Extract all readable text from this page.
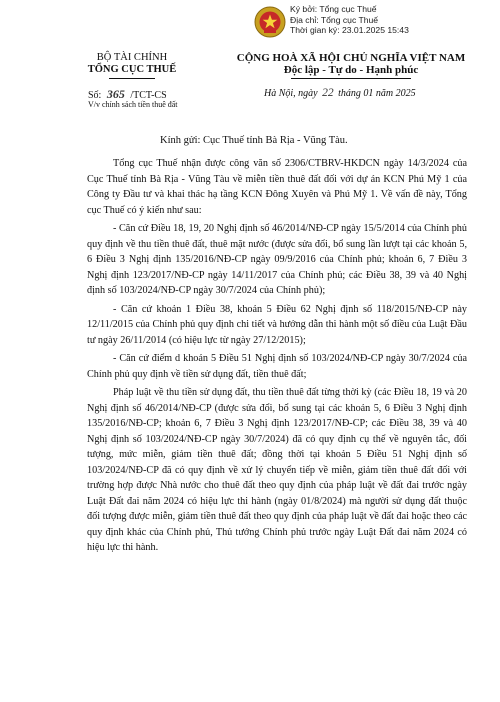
Ký bởi: Tổng cục Thuế
Địa chỉ: Tổng cục Thuế
Thời gian ký: 23.01.2025 15:43
BỘ TÀI CHÍNH
TỔNG CỤC THUẾ
CỘNG HOÀ XÃ HỘI CHỦ NGHĨA VIỆT NAM
Độc lập - Tự do - Hạnh phúc
Số: 365 /TCT-CS
V/v chính sách tiền thuê đất
Hà Nội, ngày 22 tháng 01 năm 2025
Kính gửi: Cục Thuế tỉnh Bà Rịa - Vũng Tàu.

Tổng cục Thuế nhận được công văn số 2306/CTBRV-HKDCN ngày 14/3/2024 của Cục Thuế tỉnh Bà Rịa - Vũng Tàu về miễn tiền thuê đất đối với dự án KCN Phú Mỹ 1 của Công ty Đầu tư và khai thác hạ tầng KCN Đông Xuyên và Phú Mỹ 1. Về vấn đề này, Tổng cục Thuế có ý kiến như sau:

- Căn cứ Điều 18, 19, 20 Nghị định số 46/2014/NĐ-CP ngày 15/5/2014 của Chính phủ quy định về thu tiền thuê đất, thuê mặt nước (được sửa đổi, bổ sung lần lượt tại các khoản 5, 6 Điều 3 Nghị định 135/2016/NĐ-CP ngày 09/9/2016 của Chính phủ; khoản 6, 7 Điều 3 Nghị định 123/2017/NĐ-CP ngày 14/11/2017 của Chính phủ; các Điều 38, 39 và 40 Nghị định số 103/2024/NĐ-CP ngày 30/7/2024 của Chính phủ);

- Căn cứ khoản 1 Điều 38, khoản 5 Điều 62 Nghị định số 118/2015/NĐ-CP này 12/11/2015 của Chính phủ quy định chi tiết và hướng dẫn thi hành một số điều của Luật Đầu tư ngày 26/11/2014 (có hiệu lực từ ngày 27/12/2015);

- Căn cứ điểm d khoản 5 Điều 51 Nghị định số 103/2024/NĐ-CP ngày 30/7/2024 của Chính phủ quy định về tiền sử dụng đất, tiền thuê đất;

Pháp luật về thu tiền sử dụng đất, thu tiền thuê đất từng thời kỳ (các Điều 18, 19 và 20 Nghị định số 46/2014/NĐ-CP (được sửa đổi, bổ sung tại các khoản 5, 6 Điều 3 Nghị định 135/2016/NĐ-CP; khoản 6, 7 Điều 3 Nghị định 123/2017/NĐ-CP; các Điều 38, 39 và 40 Nghị định số 103/2024/NĐ-CP ngày 30/7/2024) đã có quy định cụ thể về nguyên tắc, đối tượng, mức miễn, giảm tiền thuê đất; đồng thời tại khoản 5 Điều 51 Nghị định số 103/2024/NĐ-CP đã có quy định về xử lý chuyển tiếp về miễn, giảm tiền thuê đất đối với trường hợp được Nhà nước cho thuê đất theo quy định của pháp luật về đất đai trước ngày Luật Đất đai năm 2024 có hiệu lực thi hành (ngày 01/8/2024) mà người sử dụng đất thuộc đối tượng được miễn, giảm tiền thuê đất theo quy định của pháp luật về đất đai hoặc theo các quy định khác của Chính phủ, Thủ tướng Chính phủ trước ngày Luật Đất đai năm 2024 có hiệu lực thi hành.
